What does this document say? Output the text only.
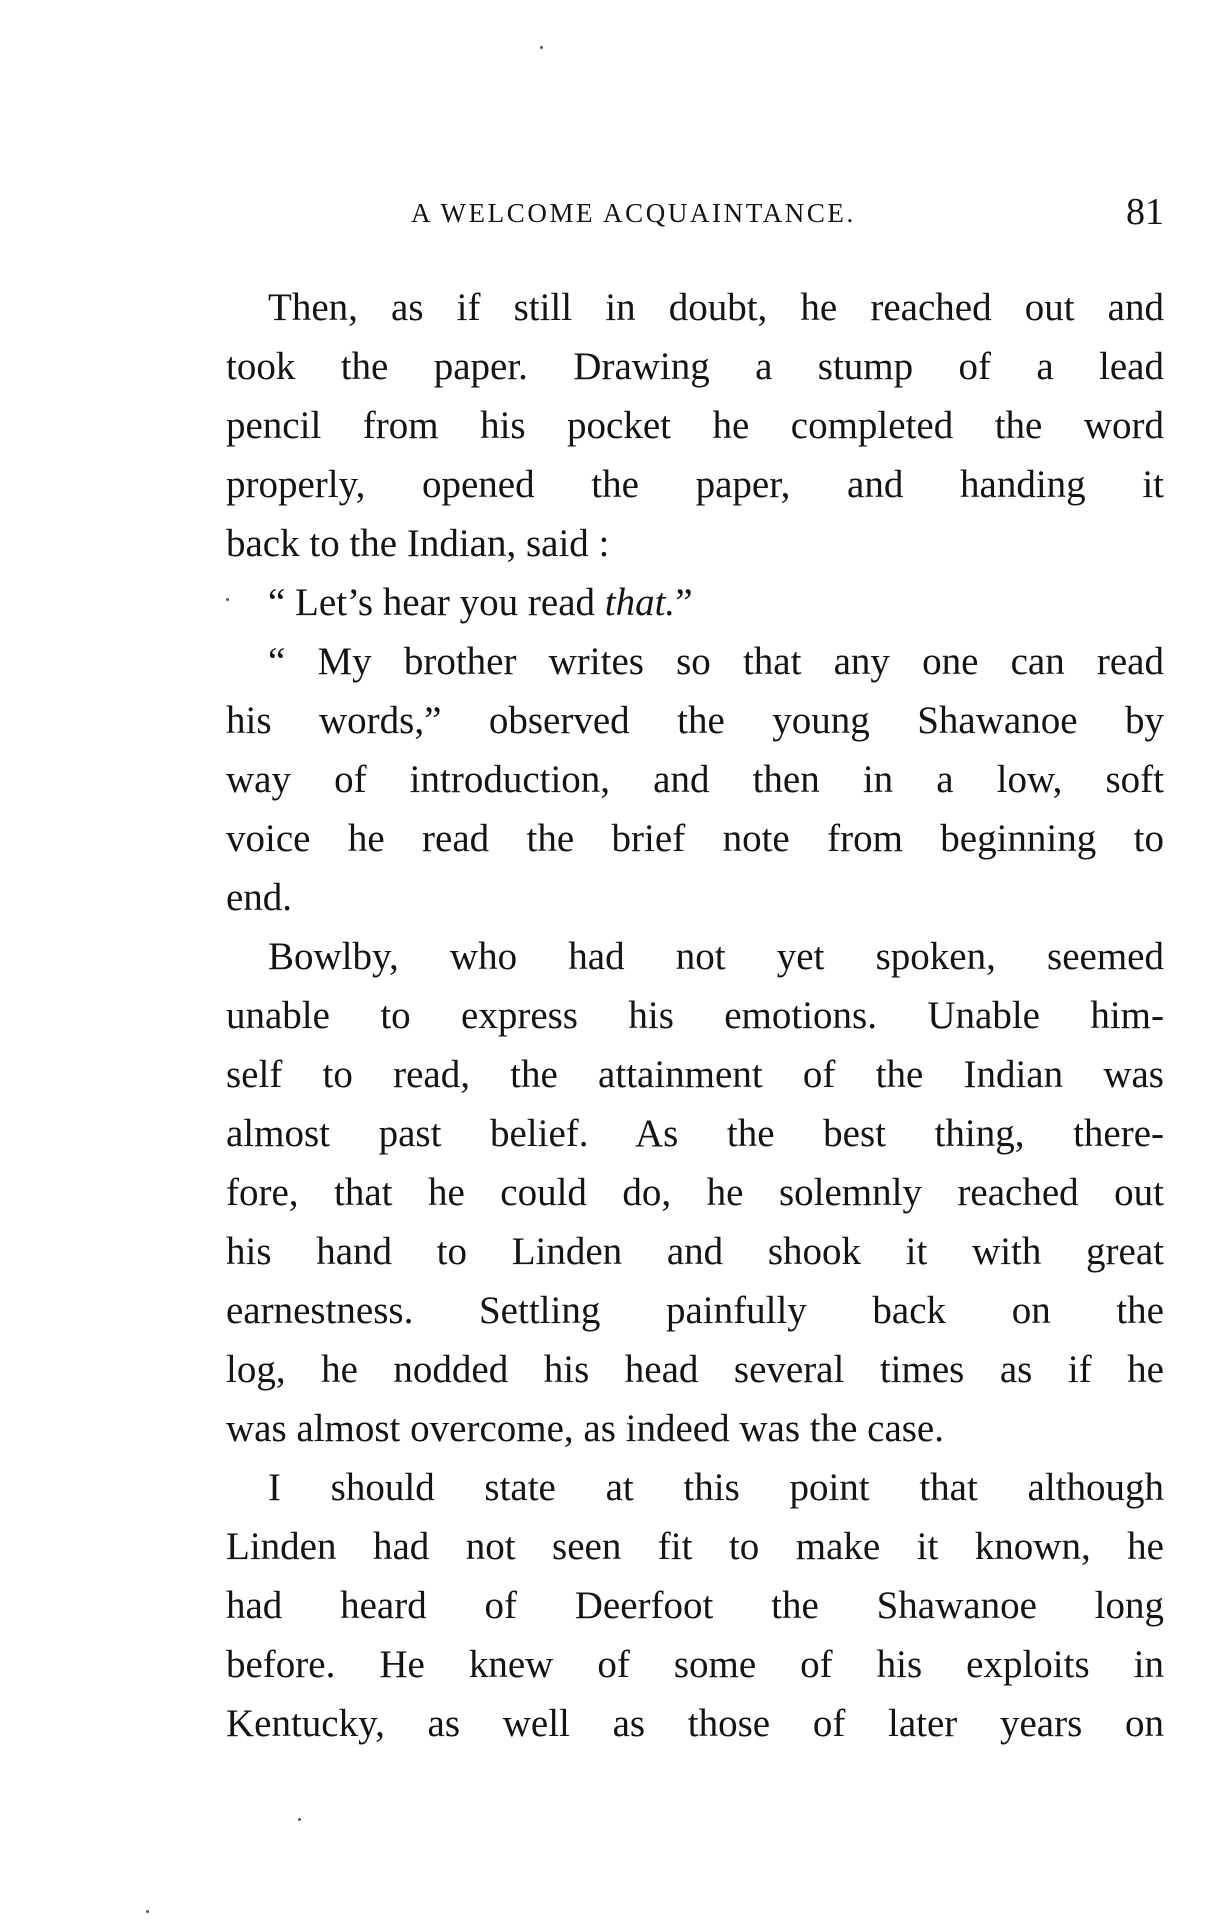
A WELCOME ACQUAINTANCE.	81
Then, as if still in doubt, he reached out and
took the paper. Drawing a stump of a lead
pencil from his pocket he completed the word
properly, opened the paper, and handing it
back to the Indian, said :
“ Let’s hear you read that.”
“ My brother writes so that any one can read
his words,” observed the young Shawanoe by
way of introduction, and then in a low, soft
voice he read the brief note from beginning to
end.
Bowlby, who had not yet spoken, seemed
unable to express his emotions. Unable him-
self to read, the attainment of the Indian was
almost past belief. As the best thing, there-
fore, that he could do, he solemnly reached out
his hand to Linden and shook it with great
earnestness. Settling painfully back on the
log, he nodded his head several times as if he
was almost overcome, as indeed was the case.
I should state at this point that although
Linden had not seen fit to make it known, he
had heard of Deerfoot the Shawanoe long
before. He knew of some of his exploits in
Kentucky, as well as those of later years on
